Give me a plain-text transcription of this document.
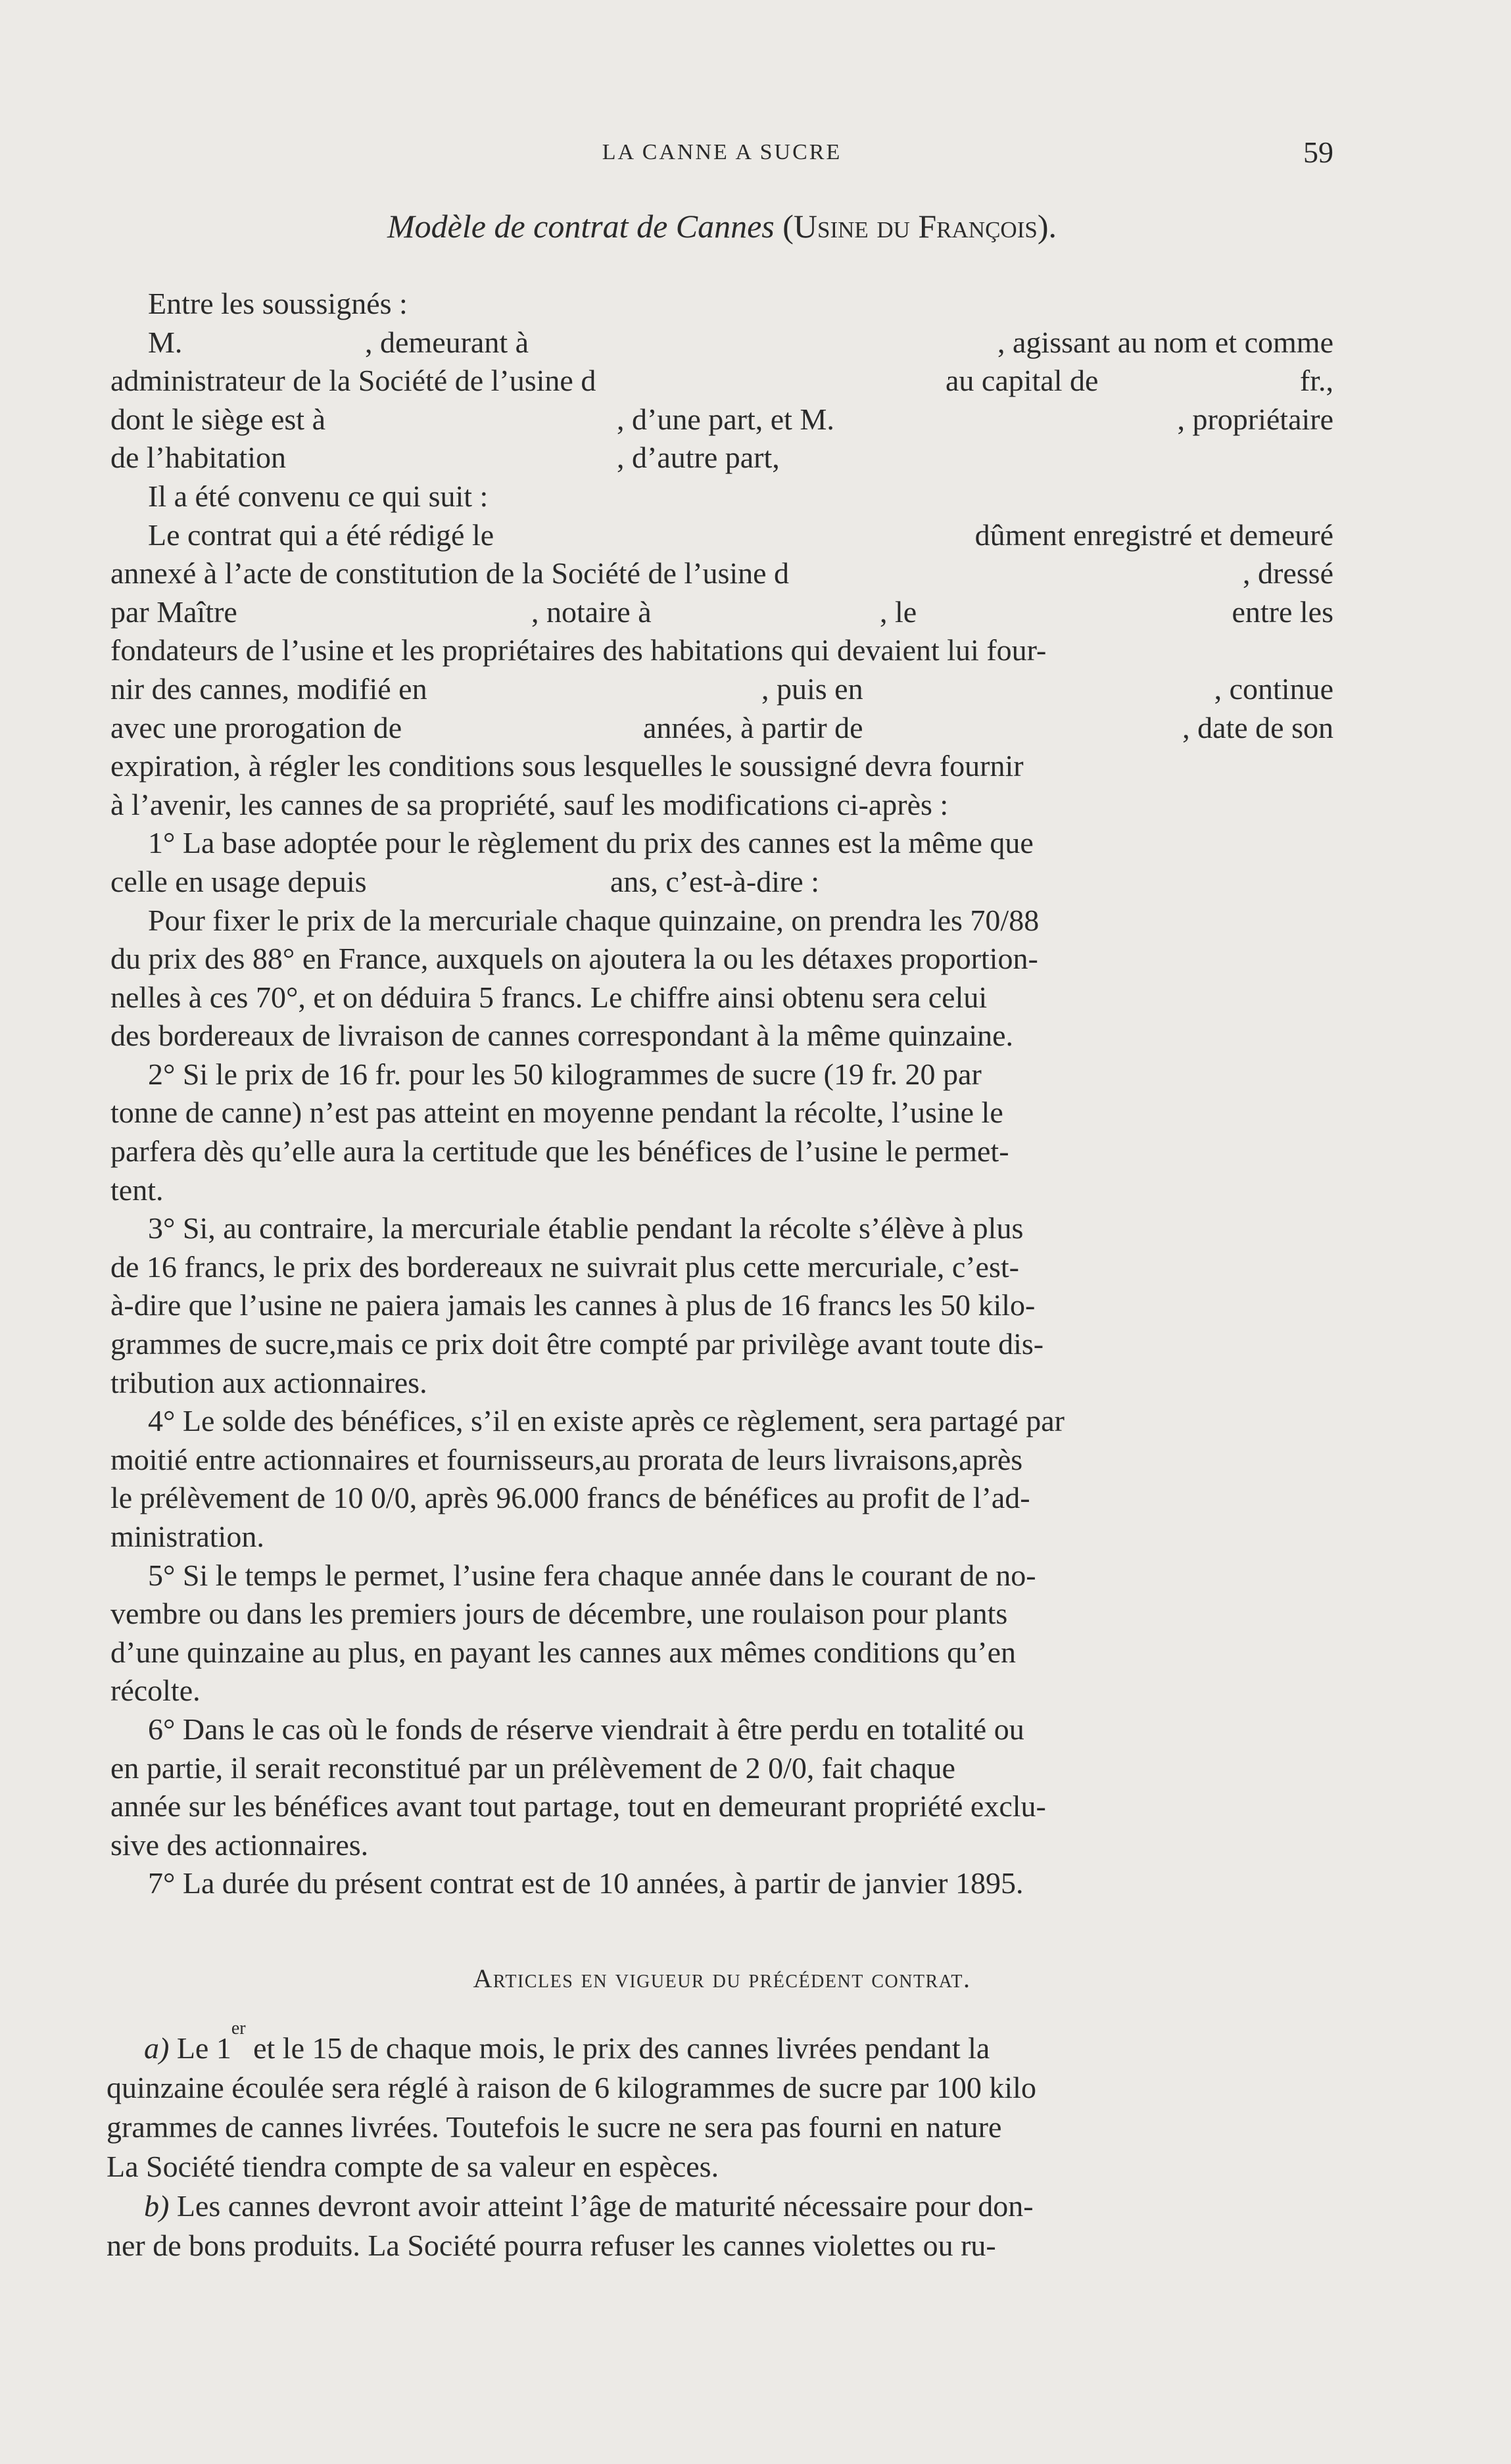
LA CANNE A SUCRE	59
Modèle de contrat de Cannes (Usine du François).
Entre les soussignés :
M.	, demeurant à	, agissant au nom et comme
administrateur de la Société de l’usine d	au capital de	fr.,
dont le siège est à	, d’une part, et M.	, propriétaire
de l’habitation	, d’autre part,
Il a été convenu ce qui suit :
Le contrat qui a été rédigé le	dûment enregistré et demeuré
annexé à l’acte de constitution de la Société de l’usine d	, dressé
par Maître	, notaire à	, le	entre les
fondateurs de l’usine et les propriétaires des habitations qui devaient lui four-
nir des cannes, modifié en	, puis en	, continue
avec une prorogation de	années, à partir de	, date de son
expiration, à régler les conditions sous lesquelles le soussigné devra fournir
à l’avenir, les cannes de sa propriété, sauf les modifications ci-après :
1° La base adoptée pour le règlement du prix des cannes est la même que
celle en usage depuis	ans, c’est-à-dire :
Pour fixer le prix de la mercuriale chaque quinzaine, on prendra les 70/88
du prix des 88° en France, auxquels on ajoutera la ou les détaxes proportion-
nelles à ces 70°, et on déduira 5 francs. Le chiffre ainsi obtenu sera celui
des bordereaux de livraison de cannes correspondant à la même quinzaine.
2° Si le prix de 16 fr. pour les 50 kilogrammes de sucre (19 fr. 20 par
tonne de canne) n’est pas atteint en moyenne pendant la récolte, l’usine le
parfera dès qu’elle aura la certitude que les bénéfices de l’usine le permet-
tent.
3° Si, au contraire, la mercuriale établie pendant la récolte s’élève à plus
de 16 francs, le prix des bordereaux ne suivrait plus cette mercuriale, c’est-
à-dire que l’usine ne paiera jamais les cannes à plus de 16 francs les 50 kilo-
grammes de sucre,mais ce prix doit être compté par privilège avant toute dis-
tribution aux actionnaires.
4° Le solde des bénéfices, s’il en existe après ce règlement, sera partagé par
moitié entre actionnaires et fournisseurs,au prorata de leurs livraisons,après
le prélèvement de 10 0/0, après 96.000 francs de bénéfices au profit de l’ad-
ministration.
5° Si le temps le permet, l’usine fera chaque année dans le courant de no-
vembre ou dans les premiers jours de décembre, une roulaison pour plants
d’une quinzaine au plus, en payant les cannes aux mêmes conditions qu’en
récolte.
6° Dans le cas où le fonds de réserve viendrait à être perdu en totalité ou
en partie, il serait reconstitué par un prélèvement de 2 0/0, fait chaque
année sur les bénéfices avant tout partage, tout en demeurant propriété exclu-
sive des actionnaires.
7° La durée du présent contrat est de 10 années, à partir de janvier 1895.
Articles en vigueur du précédent contrat.
a) Le 1
er
et le 15 de chaque mois, le prix des cannes livrées pendant la
quinzaine écoulée sera réglé à raison de 6 kilogrammes de sucre par 100 kilo
grammes de cannes livrées. Toutefois le sucre ne sera pas fourni en nature
La Société tiendra compte de sa valeur en espèces.
b) Les cannes devront avoir atteint l’âge de maturité nécessaire pour don-
ner de bons produits. La Société pourra refuser les cannes violettes ou ru-
